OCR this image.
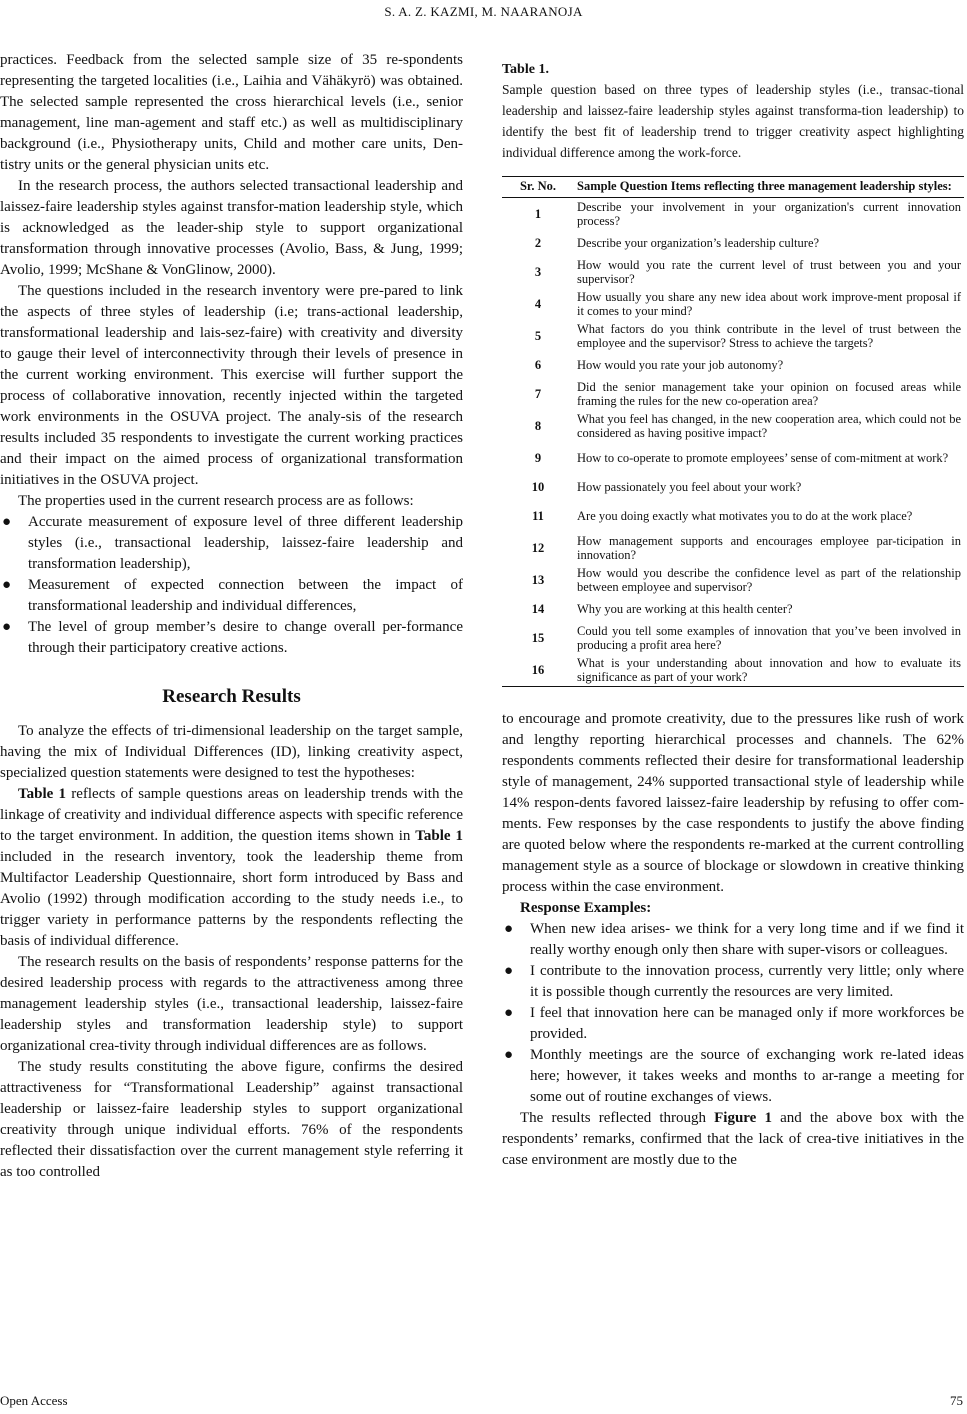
S. A. Z. KAZMI, M. NAARANOJA

practices. Feedback from the selected sample size of 35 re-spondents representing the targeted localities (i.e., Laihia and Vähäkyrö) was obtained. The selected sample represented the cross hierarchical levels (i.e., senior management, line man-agement and staff etc.) as well as multidisciplinary background (i.e., Physiotherapy units, Child and mother care units, Den-tistry units or the general physician units etc.

In the research process, the authors selected transactional leadership and laissez-faire leadership styles against transfor-mation leadership style, which is acknowledged as the leader-ship style to support organizational transformation through innovative processes (Avolio, Bass, & Jung, 1999; Avolio, 1999; McShane & VonGlinow, 2000).

The questions included in the research inventory were pre-pared to link the aspects of three styles of leadership (i.e; trans-actional leadership, transformational leadership and lais-sez-faire) with creativity and diversity to gauge their level of interconnectivity through their levels of presence in the current working environment. This exercise will further support the process of collaborative innovation, recently injected within the targeted work environments in the OSUVA project. The analy-sis of the research results included 35 respondents to investigate the current working practices and their impact on the aimed process of organizational transformation initiatives in the OSUVA project.

The properties used in the current research process are as follows:

● Accurate measurement of exposure level of three different leadership styles (i.e., transactional leadership, laissez-faire leadership and transformation leadership),
● Measurement of expected connection between the impact of transformational leadership and individual differences,
● The level of group member’s desire to change overall per-formance through their participatory creative actions.
Research Results

To analyze the effects of tri-dimensional leadership on the target sample, having the mix of Individual Differences (ID), linking creativity aspect, specialized question statements were designed to test the hypotheses:

Table 1 reflects of sample questions areas on leadership trends with the linkage of creativity and individual difference aspects with specific reference to the target environment. In addition, the question items shown in Table 1 included in the research inventory, took the leadership theme from Multifactor Leadership Questionnaire, short form introduced by Bass and Avolio (1992) through modification according to the study needs i.e., to trigger variety in performance patterns by the respondents reflecting the basis of individual difference.

The research results on the basis of respondents’ response patterns for the desired leadership process with regards to the attractiveness among three management leadership styles (i.e., transactional leadership, laissez-faire leadership styles and transformation leadership style) to support organizational crea-tivity through individual differences are as follows.

The study results constituting the above figure, confirms the desired attractiveness for “Transformational Leadership” against transactional leadership or laissez-faire leadership styles to support organizational creativity through unique individual efforts. 76% of the respondents reflected their dissatisfaction over the current management style referring it as too controlled

Table 1.

Sample question based on three types of leadership styles (i.e., transac-tional leadership and laissez-faire leadership styles against transforma-tion leadership) to identify the best fit of leadership trend to trigger creativity aspect highlighting individual difference among the work-force.

Sr. No.	Sample Question Items reflecting three management leadership styles:
1	Describe your involvement in your organization's current innovation process?
2	Describe your organization’s leadership culture?
3	How would you rate the current level of trust between you and your supervisor?
4	How usually you share any new idea about work improve-ment proposal if it comes to your mind?
5	What factors do you think contribute in the level of trust between the employee and the supervisor? Stress to achieve the targets?
6	How would you rate your job autonomy?
7	Did the senior management take your opinion on focused areas while framing the rules for the new co-operation area?
8	What you feel has changed, in the new cooperation area, which could not be considered as having positive impact?
9	How to co-operate to promote employees’ sense of com-mitment at work?
10	How passionately you feel about your work?
11	Are you doing exactly what motivates you to do at the work place?
12	How management supports and encourages employee par-ticipation in innovation?
13	How would you describe the confidence level as part of the relationship between employee and supervisor?
14	Why you are working at this health center?
15	Could you tell some examples of innovation that you’ve been involved in producing a profit area here?
16	What is your understanding about innovation and how to evaluate its significance as part of your work?

to encourage and promote creativity, due to the pressures like rush of work and lengthy reporting hierarchical processes and channels. The 62% respondents comments reflected their desire for transformational leadership style of management, 24% supported transactional style of leadership while 14% respon-dents favored laissez-faire leadership by refusing to offer com-ments. Few responses by the case respondents to justify the above finding are quoted below where the respondents re-marked at the current controlling management style as a source of blockage or slowdown in creative thinking process within the case environment.

Response Examples:

● When new idea arises- we think for a very long time and if we find it really worthy enough only then share with super-visors or colleagues.
● I contribute to the innovation process, currently very little; only where it is possible though currently the resources are very limited.
● I feel that innovation here can be managed only if more workforces be provided.
● Monthly meetings are the source of exchanging work re-lated ideas here; however, it takes weeks and months to ar-range a meeting for some out of routine exchanges of views.

The results reflected through Figure 1 and the above box with the respondents’ remarks, confirmed that the lack of crea-tive initiatives in the case environment are mostly due to the

Open Access	75
